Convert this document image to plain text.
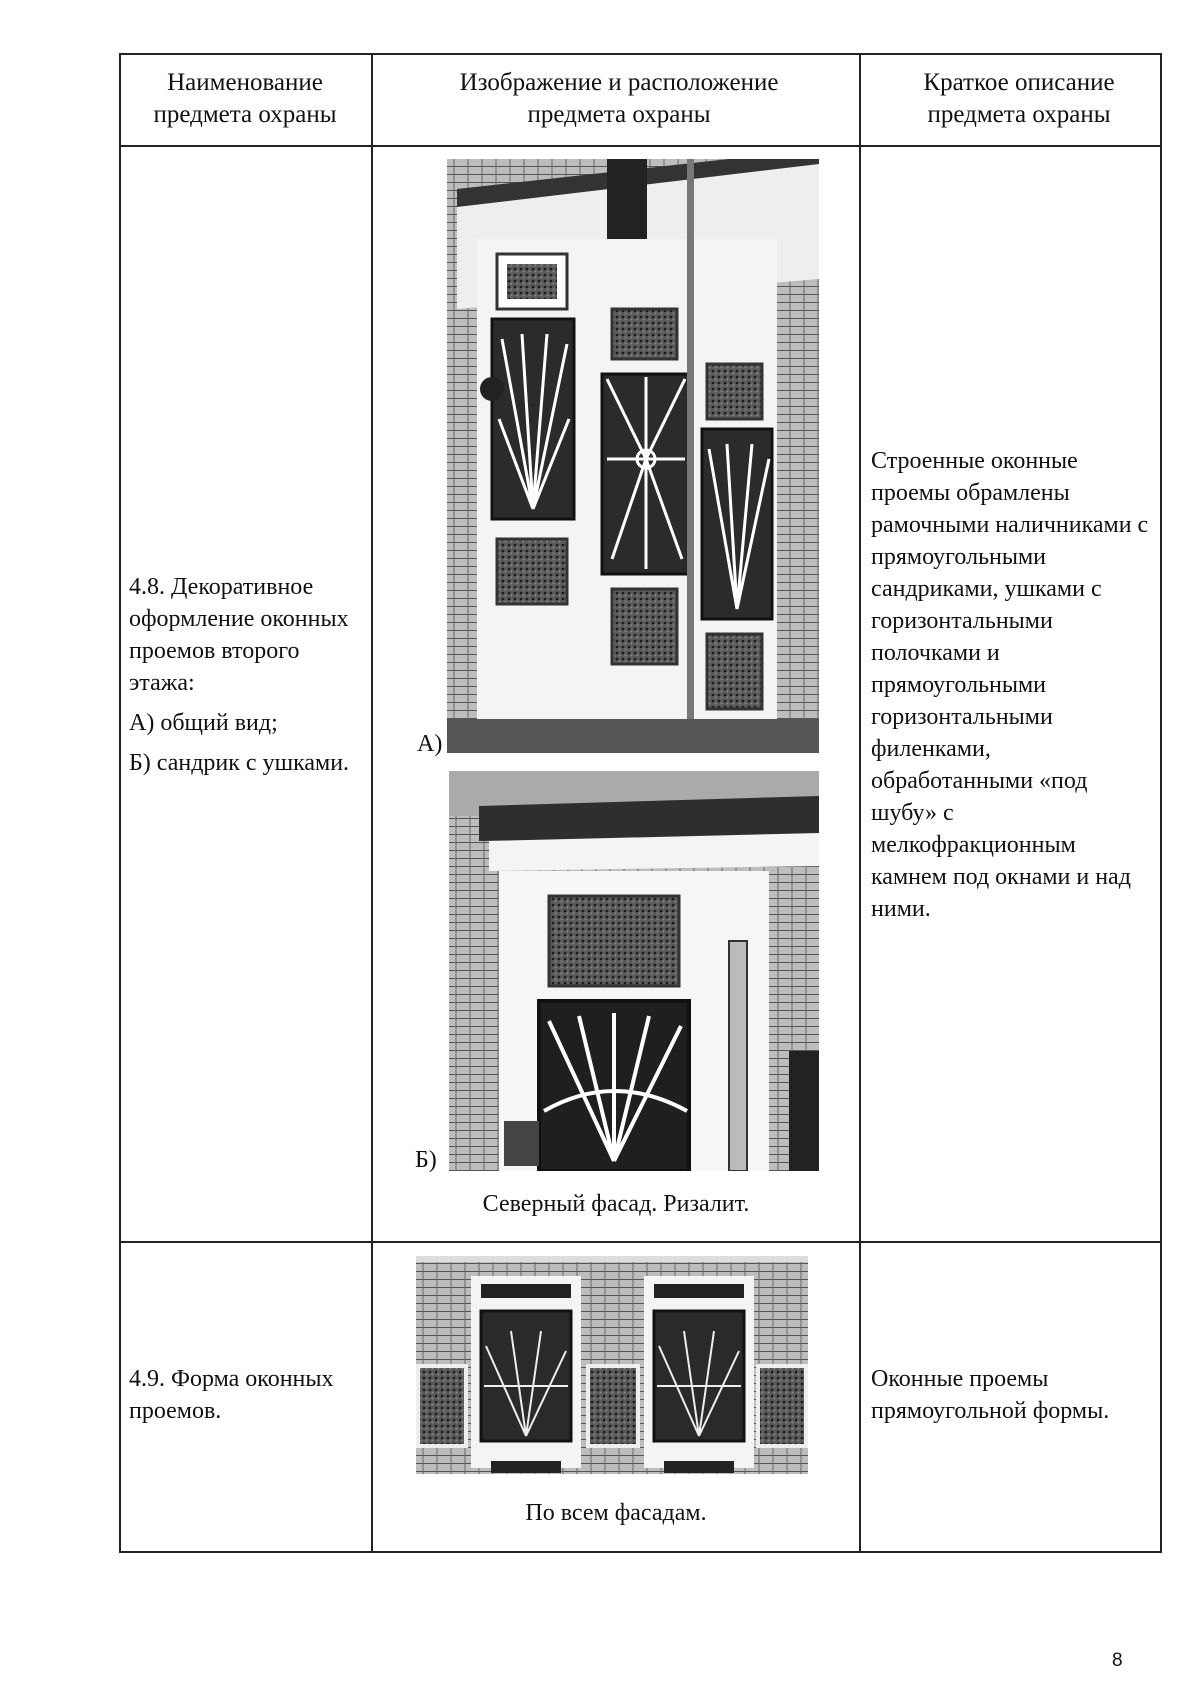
Наименование предмета охраны
Изображение и расположение предмета охраны
Краткое описание предмета охраны
4.8. Декоративное оформление оконных проемов второго этажа:
А) общий вид;
Б) сандрик с ушками.
А)
Б)
Северный фасад. Ризалит.
Строенные оконные проемы обрамлены рамочными наличниками с прямоугольными сандриками, ушками с горизонтальными полочками и прямоугольными горизонтальными филенками, обработанными «под шубу» с мелкофракционным камнем под окнами и над ними.
4.9. Форма оконных проемов.
По всем фасадам.
Оконные проемы прямоугольной формы.
8
